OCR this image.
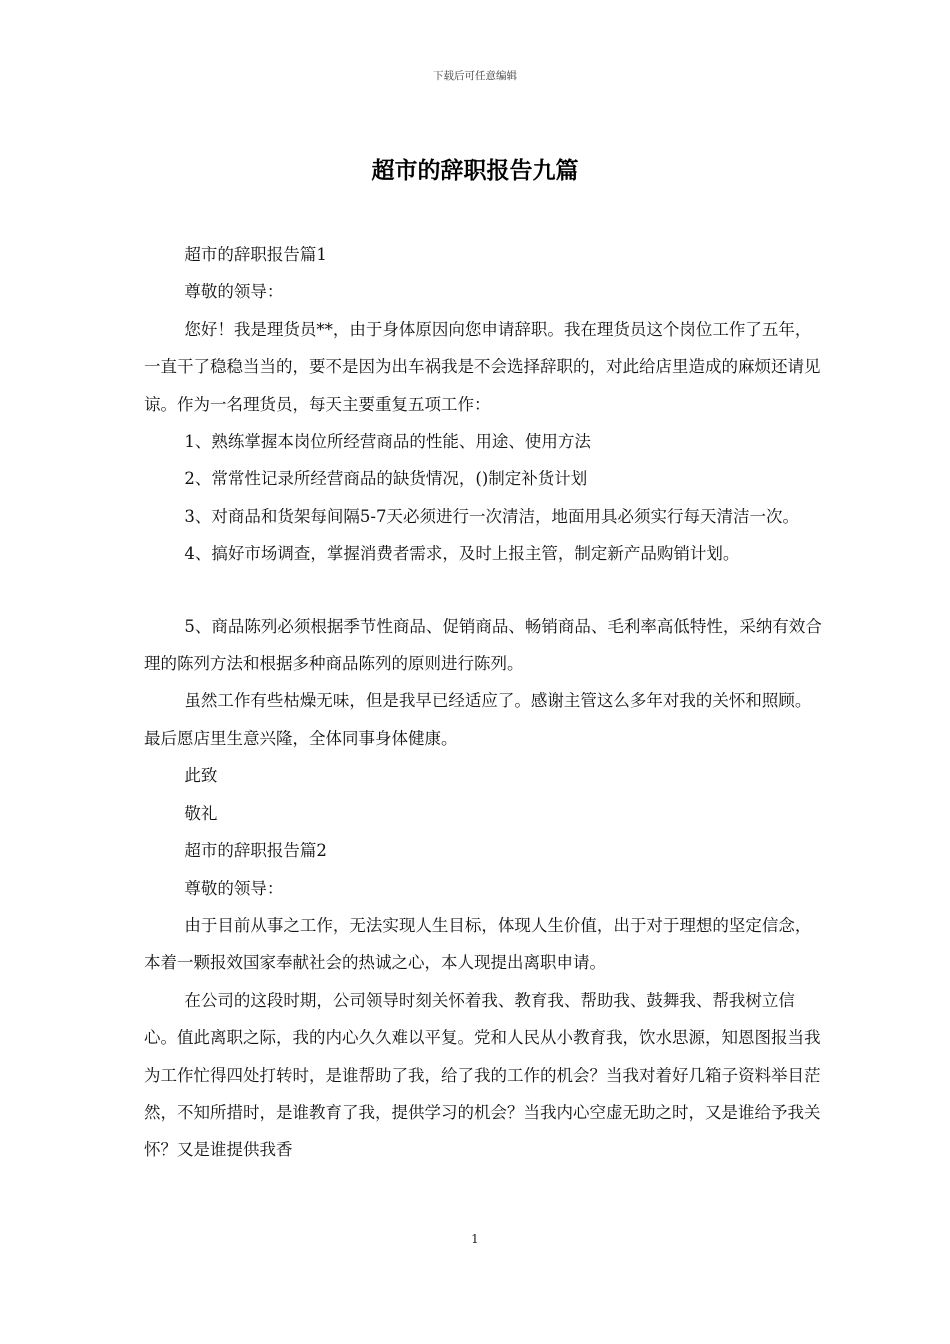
下载后可任意编辑
超市的辞职报告九篇

超市的辞职报告篇1

尊敬的领导：

您好！我是理货员**，由于身体原因向您申请辞职。我在理货员这个岗位工作了五年，一直干了稳稳当当的，要不是因为出车祸我是不会选择辞职的，对此给店里造成的麻烦还请见谅。作为一名理货员，每天主要重复五项工作：

1、熟练掌握本岗位所经营商品的性能、用途、使用方法

2、常常性记录所经营商品的缺货情况，()制定补货计划

3、对商品和货架每间隔5-7天必须进行一次清洁，地面用具必须实行每天清洁一次。

4、搞好市场调查，掌握消费者需求，及时上报主管，制定新产品购销计划。

5、商品陈列必须根据季节性商品、促销商品、畅销商品、毛利率高低特性，采纳有效合理的陈列方法和根据多种商品陈列的原则进行陈列。

虽然工作有些枯燥无味，但是我早已经适应了。感谢主管这么多年对我的关怀和照顾。最后愿店里生意兴隆，全体同事身体健康。

此致

敬礼

超市的辞职报告篇2

尊敬的领导：

由于目前从事之工作，无法实现人生目标，体现人生价值，出于对于理想的坚定信念，本着一颗报效国家奉献社会的热诚之心，本人现提出离职申请。

在公司的这段时期，公司领导时刻关怀着我、教育我、帮助我、鼓舞我、帮我树立信心。值此离职之际，我的内心久久难以平复。党和人民从小教育我，饮水思源，知恩图报当我为工作忙得四处打转时，是谁帮助了我，给了我的工作的机会？当我对着好几箱子资料举目茫然，不知所措时，是谁教育了我，提供学习的机会？当我内心空虚无助之时，又是谁给予我关怀？又是谁提供我香

1
